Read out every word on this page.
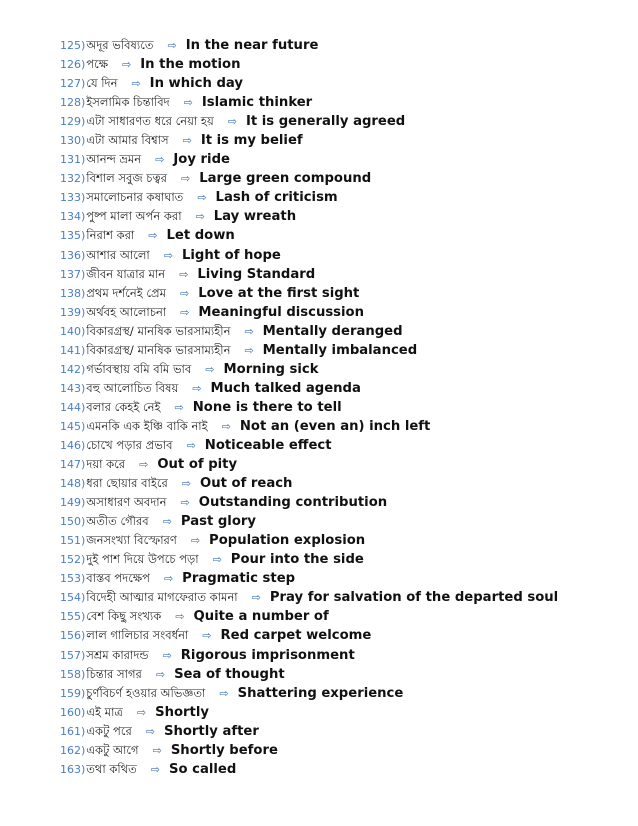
125) অদূর ভবিষ্যতে ⇨ In the near future
126) পক্ষে ⇨ In the motion
127) যে দিন ⇨ In which day
128) ইসলামিক চিন্তাবিদ ⇨ Islamic thinker
129) এটা সাধারণত ধরে নেয়া হয় ⇨ It is generally agreed
130) এটা আমার বিশ্বাস ⇨ It is my belief
131) আনন্দ ভ্রমন ⇨ Joy ride
132) বিশাল সবুজ চত্বর ⇨ Large green compound
133) সমালোচনার কষাঘাত ⇨ Lash of criticism
134) পুষ্প মালা অর্পন করা ⇨ Lay wreath
135) নিরাশ করা ⇨ Let down
136) আশার আলো ⇨ Light of hope
137) জীবন যাত্রার মান ⇨ Living Standard
138) প্রথম দর্শনেই প্রেম ⇨ Love at the first sight
139) অর্থবহ আলোচনা ⇨ Meaningful discussion
140) বিকারগ্রস্থ/ মানষিক ভারসাম্যহীন ⇨ Mentally deranged
141) বিকারগ্রস্থ/ মানষিক ভারসাম্যহীন ⇨ Mentally imbalanced
142) গর্ভাবস্থায় বমি বমি ভাব ⇨ Morning sick
143) বহু আলোচিত বিষয় ⇨ Much talked agenda
144) বলার কেহই নেই ⇨ None is there to tell
145) এমনকি এক ইঞ্চি বাকি নাই ⇨ Not an (even an) inch left
146) চোখে পড়ার প্রভাব ⇨ Noticeable effect
147) দয়া করে ⇨ Out of pity
148) ধরা ছোয়ার বাইরে ⇨ Out of reach
149) অসাধারণ অবদান ⇨ Outstanding contribution
150) অতীত গৌরব ⇨ Past glory
151) জনসংখ্যা বিস্ফোরণ ⇨ Population explosion
152) দুই পাশ দিয়ে উপচে পড়া ⇨ Pour into the side
153) বাস্তব পদক্ষেপ ⇨ Pragmatic step
154) বিদেহী আত্মার মাগফেরাত কামনা ⇨ Pray for salvation of the departed soul
155) বেশ কিছু সংখ্যক ⇨ Quite a number of
156) লাল গালিচার সংবর্ধনা ⇨ Red carpet welcome
157) সশ্রম কারাদন্ড ⇨ Rigorous imprisonment
158) চিন্তার সাগর ⇨ Sea of thought
159) চুর্ণবিচর্ণ হওয়ার অভিজ্ঞতা ⇨ Shattering experience
160) এই মাত্র ⇨ Shortly
161) একটু পরে ⇨ Shortly after
162) একটু আগে ⇨ Shortly before
163) তথা কথিত ⇨ So called
